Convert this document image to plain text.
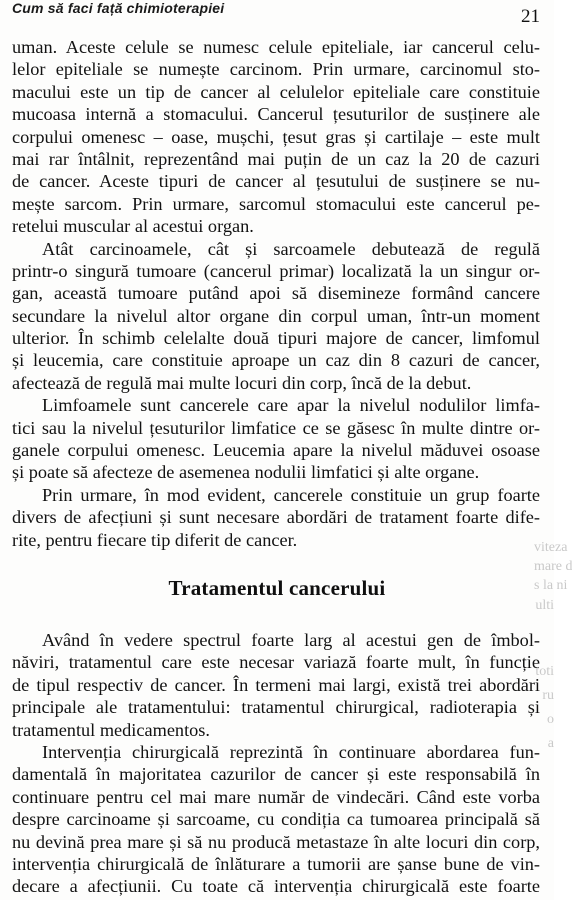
Cum să faci față chimioterapiei	21
uman. Aceste celule se numesc celule epiteliale, iar cancerul celu-
lelor epiteliale se numește carcinom. Prin urmare, carcinomul sto-
macului este un tip de cancer al celulelor epiteliale care constituie
mucoasa internă a stomacului. Cancerul țesuturilor de susținere ale
corpului omenesc – oase, mușchi, țesut gras și cartilaje – este mult
mai rar întâlnit, reprezentând mai puțin de un caz la 20 de cazuri
de cancer. Aceste tipuri de cancer al țesutului de susținere se nu-
mește sarcom. Prin urmare, sarcomul stomacului este cancerul pe-
retelui muscular al acestui organ.
Atât carcinoamele, cât și sarcoamele debutează de regulă
printr-o singură tumoare (cancerul primar) localizată la un singur or-
gan, această tumoare putând apoi să disemineze formând cancere
secundare la nivelul altor organe din corpul uman, într-un moment
ulterior. În schimb celelalte două tipuri majore de cancer, limfomul
și leucemia, care constituie aproape un caz din 8 cazuri de cancer,
afectează de regulă mai multe locuri din corp, încă de la debut.
Limfoamele sunt cancerele care apar la nivelul nodulilor limfa-
tici sau la nivelul țesuturilor limfatice ce se găsesc în multe dintre or-
ganele corpului omenesc. Leucemia apare la nivelul măduvei osoase
și poate să afecteze de asemenea nodulii limfatici și alte organe.
Prin urmare, în mod evident, cancerele constituie un grup foarte
divers de afecțiuni și sunt necesare abordări de tratament foarte dife-
rite, pentru fiecare tip diferit de cancer.	viteza
mare d
s la ni
ulti
Tratamentul cancerului
Având în vedere spectrul foarte larg al acestui gen de îmbol-
năviri, tratamentul care este necesar variază foarte mult, în funcție
de tipul respectiv de cancer. În termeni mai largi, există trei abordări
principale ale tratamentului: tratamentul chirurgical, radioterapia și
tratamentul medicamentos.
Intervenția chirurgicală reprezintă în continuare abordarea fun-
damentală în majoritatea cazurilor de cancer și este responsabilă în
continuare pentru cel mai mare număr de vindecări. Când este vorba
despre carcinoame și sarcoame, cu condiția ca tumoarea principală să
nu devină prea mare și să nu producă metastaze în alte locuri din corp,
intervenția chirurgicală de înlăturare a tumorii are șanse bune de vin-
decare a afecțiunii. Cu toate că intervenția chirurgicală este foarte
toti
ru
o
a
